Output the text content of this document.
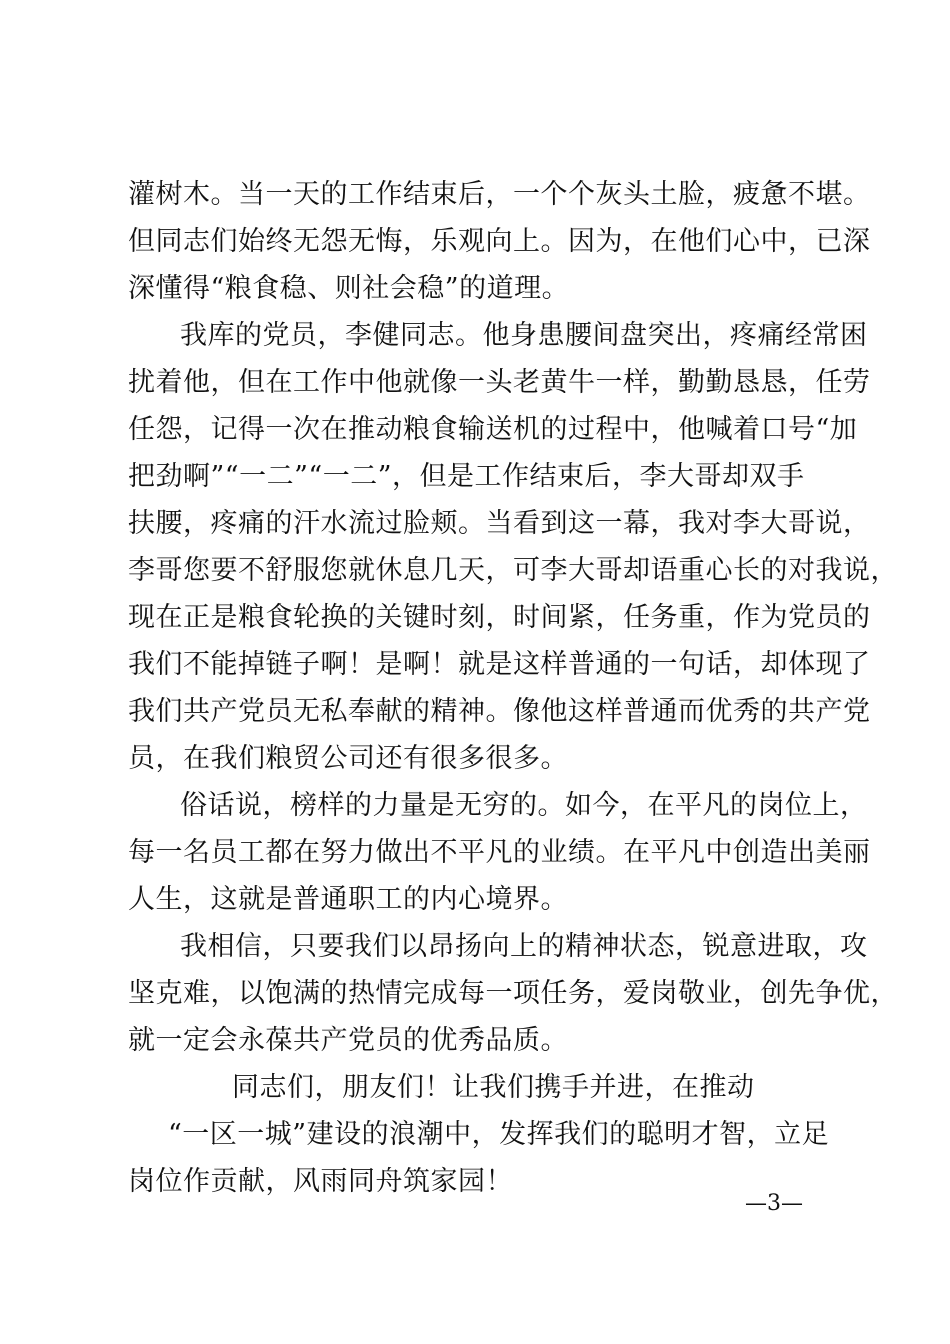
灌树木。当一天的工作结束后，一个个灰头土脸，疲惫不堪。
但同志们始终无怨无悔，乐观向上。因为，在他们心中，已深
深懂得“粮食稳、则社会稳”的道理。
我库的党员，李健同志。他身患腰间盘突出，疼痛经常困
扰着他，但在工作中他就像一头老黄牛一样，勤勤恳恳，任劳
任怨，记得一次在推动粮食输送机的过程中，他喊着口号“加
把劲啊”“一二”“一二”，但是工作结束后，李大哥却双手
扶腰，疼痛的汗水流过脸颊。当看到这一幕，我对李大哥说，
李哥您要不舒服您就休息几天，可李大哥却语重心长的对我说，
现在正是粮食轮换的关键时刻，时间紧，任务重，作为党员的
我们不能掉链子啊！是啊！就是这样普通的一句话，却体现了
我们共产党员无私奉献的精神。像他这样普通而优秀的共产党
员，在我们粮贸公司还有很多很多。
俗话说，榜样的力量是无穷的。如今，在平凡的岗位上，
每一名员工都在努力做出不平凡的业绩。在平凡中创造出美丽
人生，这就是普通职工的内心境界。
我相信，只要我们以昂扬向上的精神状态，锐意进取，攻
坚克难，以饱满的热情完成每一项任务，爱岗敬业，创先争优，
就一定会永葆共产党员的优秀品质。
同志们，朋友们！让我们携手并进，在推动
“一区一城”建设的浪潮中，发挥我们的聪明才智，立足
岗位作贡献，风雨同舟筑家园！
—3—
